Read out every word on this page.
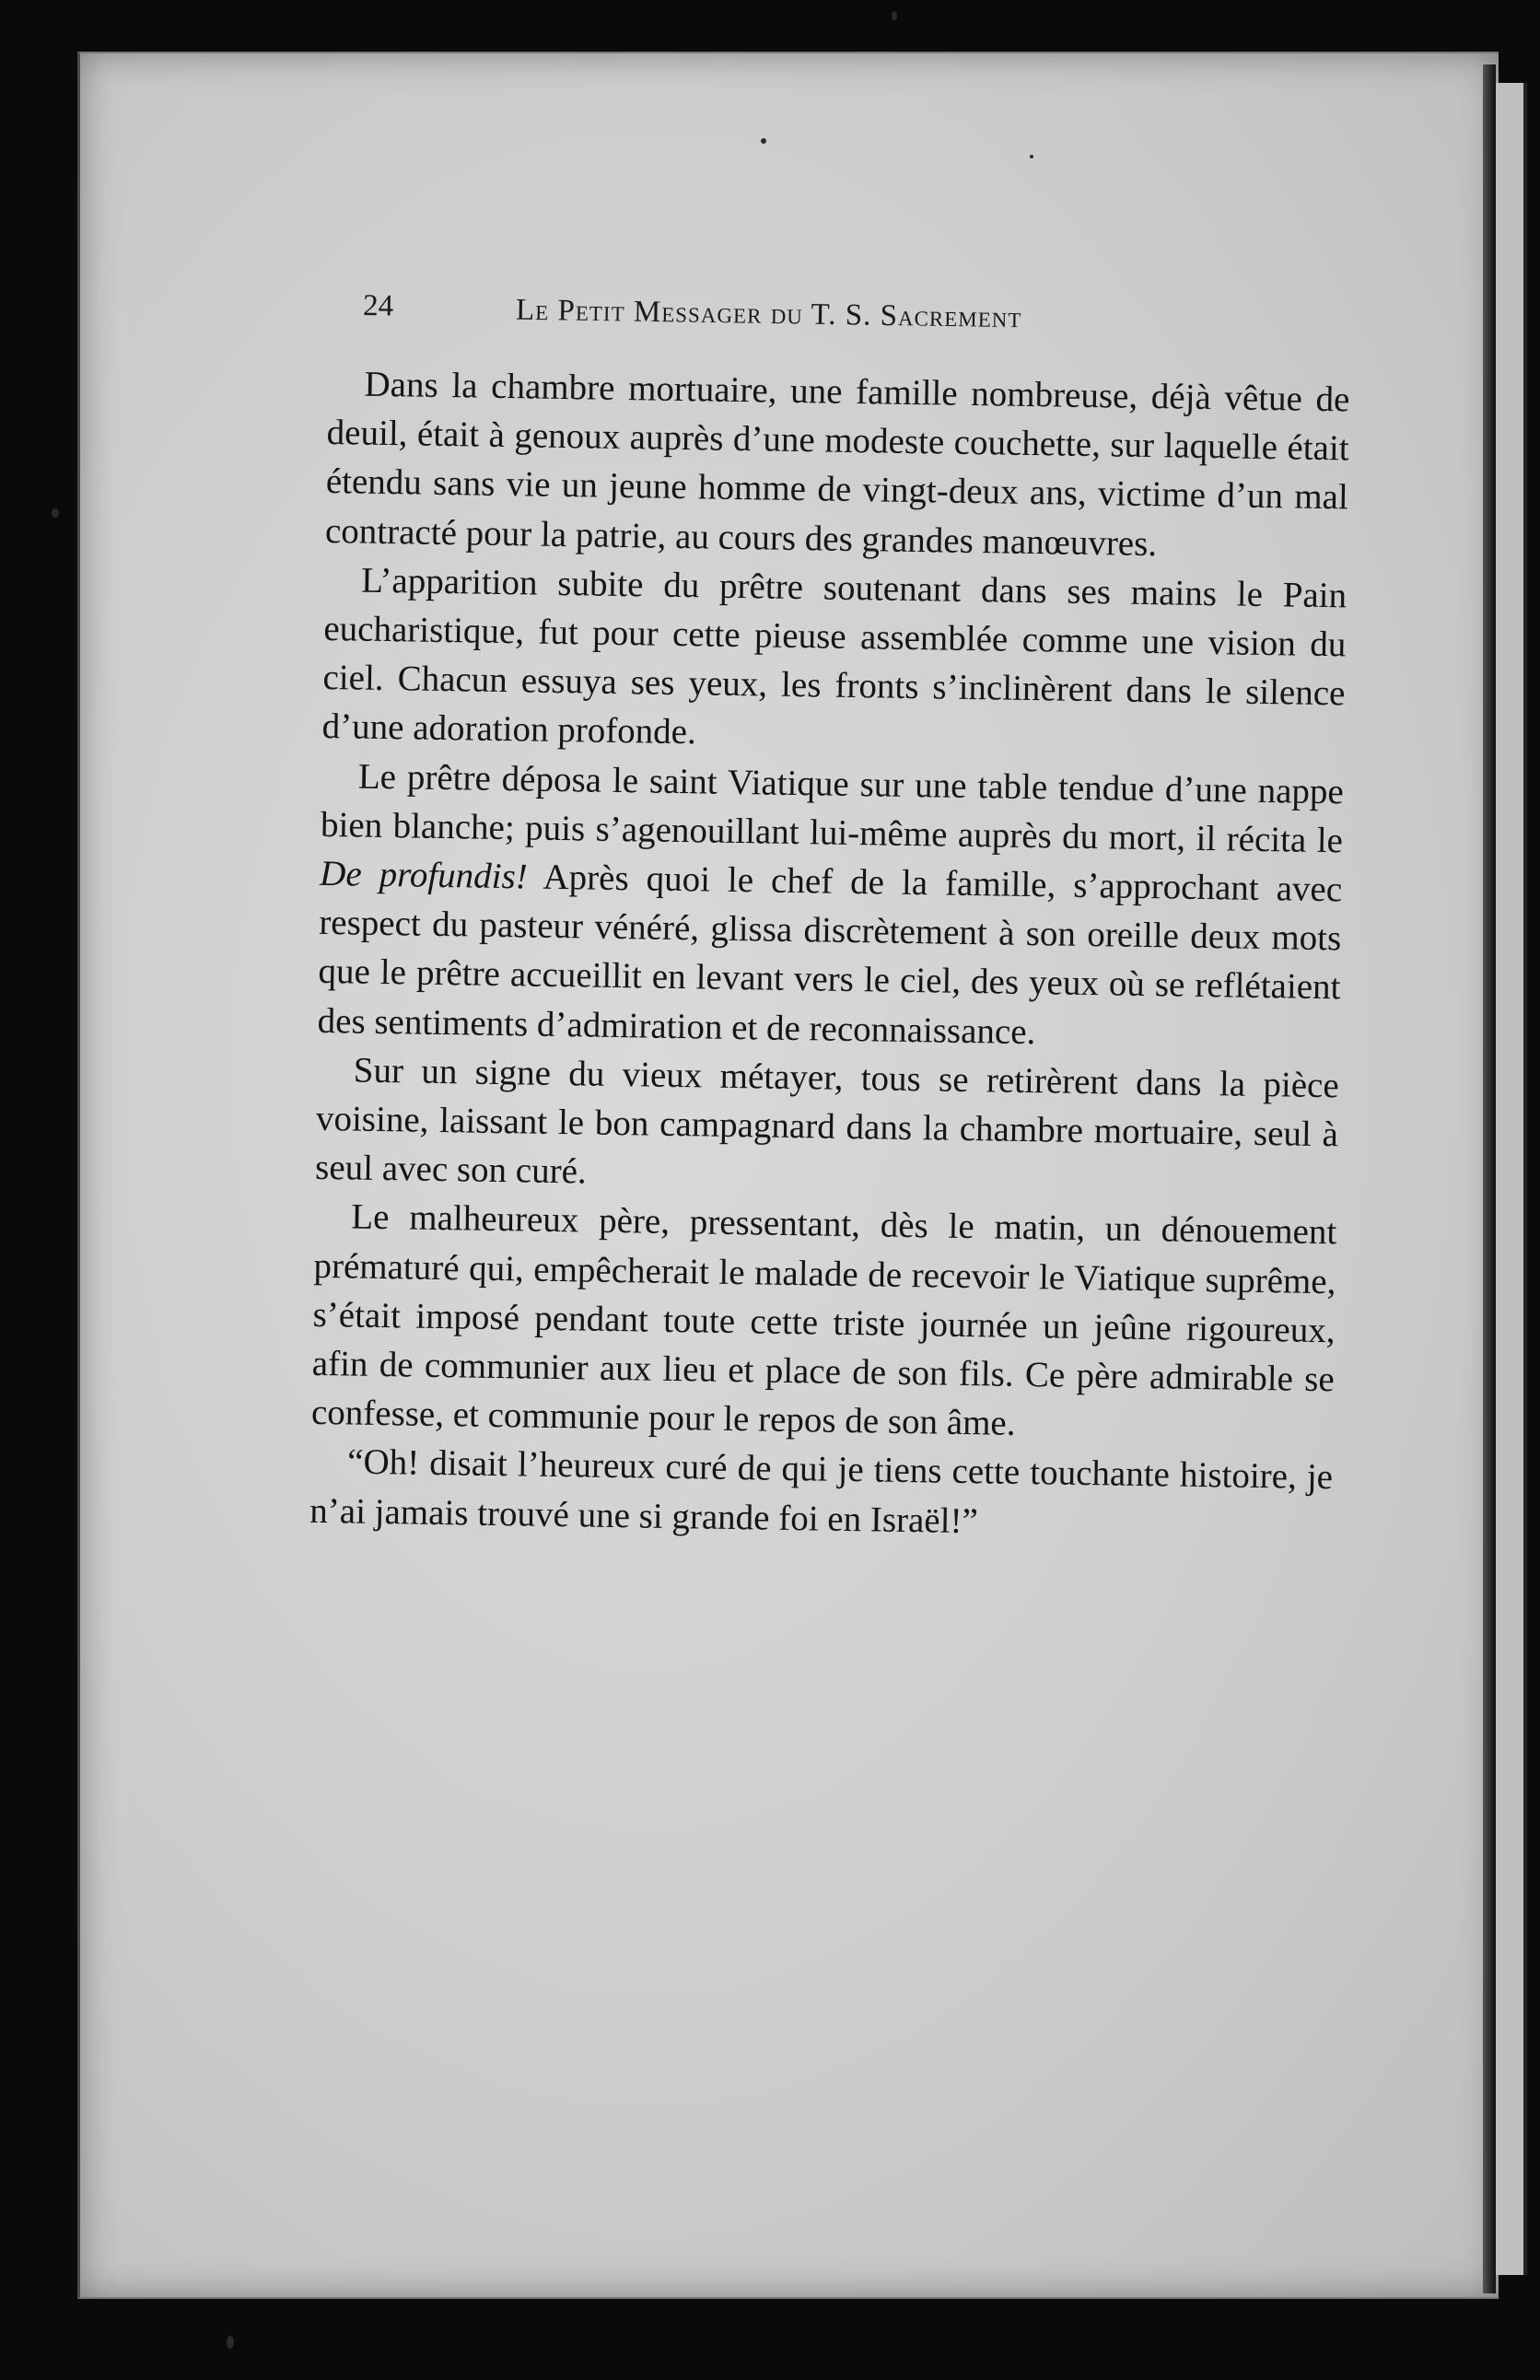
24	Le Petit Messager du T. S. Sacrement

Dans la chambre mortuaire, une famille nombreuse, déjà vêtue de deuil, était à genoux auprès d’une modeste couchette, sur laquelle était étendu sans vie un jeune homme de vingt-deux ans, victime d’un mal contracté pour la patrie, au cours des grandes manœuvres.

L’apparition subite du prêtre soutenant dans ses mains le Pain eucharistique, fut pour cette pieuse assemblée comme une vision du ciel. Chacun essuya ses yeux, les fronts s’inclinèrent dans le silence d’une adoration profonde.

Le prêtre déposa le saint Viatique sur une table tendue d’une nappe bien blanche; puis s’agenouillant lui-même auprès du mort, il récita le De profundis! Après quoi le chef de la famille, s’approchant avec respect du pasteur vénéré, glissa discrètement à son oreille deux mots que le prêtre accueillit en levant vers le ciel, des yeux où se reflétaient des sentiments d’admiration et de reconnaissance.

Sur un signe du vieux métayer, tous se retirèrent dans la pièce voisine, laissant le bon campagnard dans la chambre mortuaire, seul à seul avec son curé.

Le malheureux père, pressentant, dès le matin, un dénouement prématuré qui, empêcherait le malade de recevoir le Viatique suprême, s’était imposé pendant toute cette triste journée un jeûne rigoureux, afin de communier aux lieu et place de son fils. Ce père admirable se confesse, et communie pour le repos de son âme.

“Oh! disait l’heureux curé de qui je tiens cette touchante histoire, je n’ai jamais trouvé une si grande foi en Israël!”
